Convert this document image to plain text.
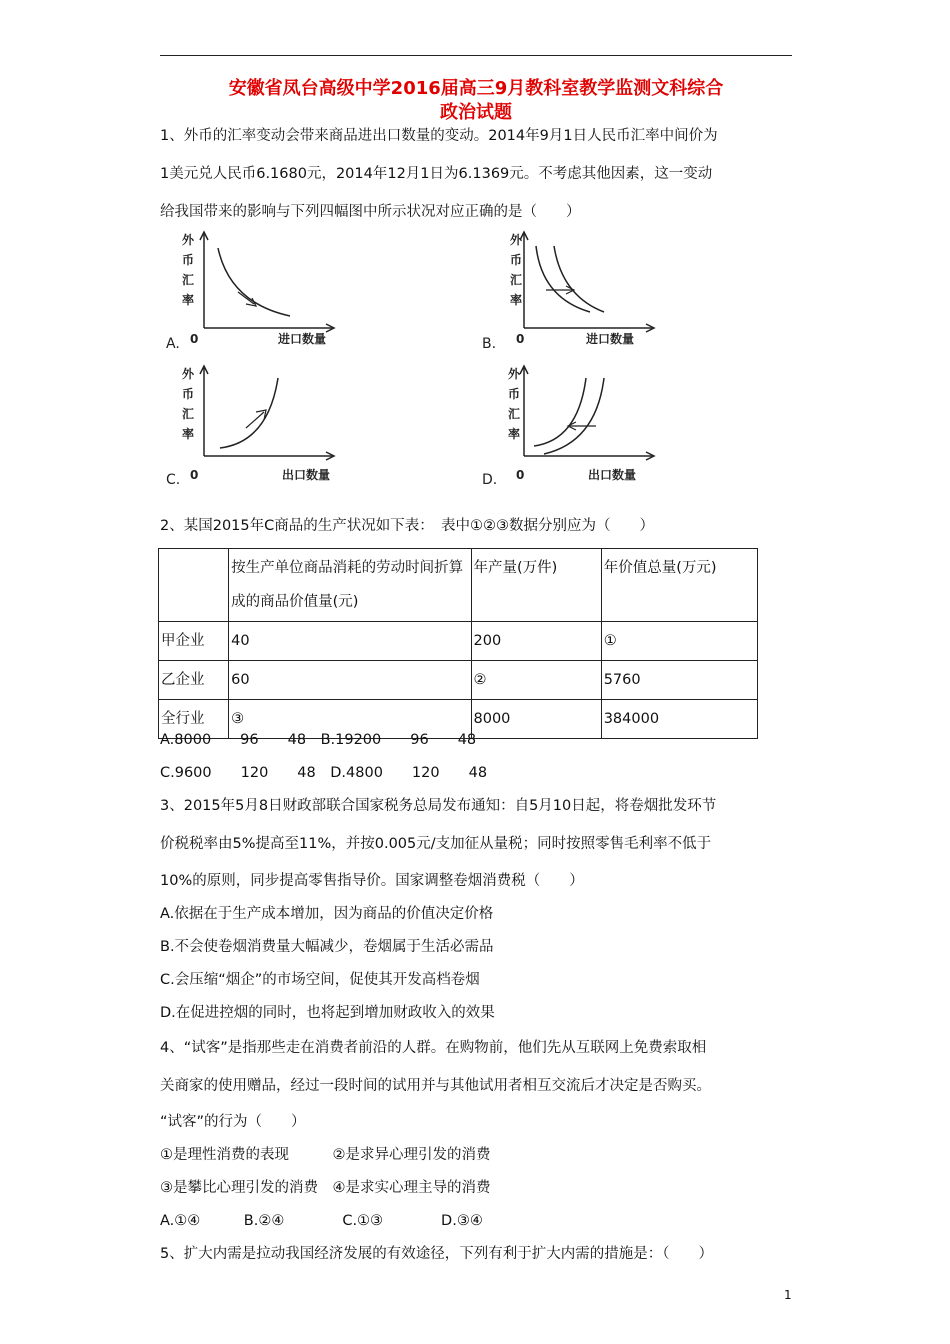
安徽省凤台高级中学2016届高三9月教科室教学监测文科综合
政治试题
1、外币的汇率变动会带来商品进出口数量的变动。2014年9月1日人民币汇率中间价为
1美元兑人民币6.1680元，2014年12月1日为6.1369元。不考虑其他因素，这一变动
给我国带来的影响与下列四幅图中所示状况对应正确的是（　　）
外
币
汇
率
0	进口数量
A.
外
币
汇
率
0	进口数量
B.
外
币
汇
率
0	出口数量
C.
外
币
汇
率
0	出口数量
D.
2、某国2015年C商品的生产状况如下表：　表中①②③数据分别应为（　　）
	按生产单位商品消耗的劳动时间折算成的商品价值量(元)	年产量(万件)	年价值总量(万元)
甲企业	40	200	①
乙企业	60	②	5760
全行业	③	8000	384000
A.8000　　96　　48　B.19200　　96　　48
C.9600　　120　　48　D.4800　　120　　48
3、2015年5月8日财政部联合国家税务总局发布通知：自5月10日起，将卷烟批发环节
价税税率由5%提高至11%，并按0.005元/支加征从量税；同时按照零售毛利率不低于
10%的原则，同步提高零售指导价。国家调整卷烟消费税（　　）
A.依据在于生产成本增加，因为商品的价值决定价格
B.不会使卷烟消费量大幅减少，卷烟属于生活必需品
C.会压缩“烟企”的市场空间，促使其开发高档卷烟
D.在促进控烟的同时，也将起到增加财政收入的效果
4、“试客”是指那些走在消费者前沿的人群。在购物前，他们先从互联网上免费索取相
关商家的使用赠品，经过一段时间的试用并与其他试用者相互交流后才决定是否购买。
“试客”的行为（　　）
①是理性消费的表现　　　②是求异心理引发的消费
③是攀比心理引发的消费　④是求实心理主导的消费
A.①④　　　B.②④　　　　C.①③　　　　D.③④
5、扩大内需是拉动我国经济发展的有效途径，下列有利于扩大内需的措施是：（　　）
1
